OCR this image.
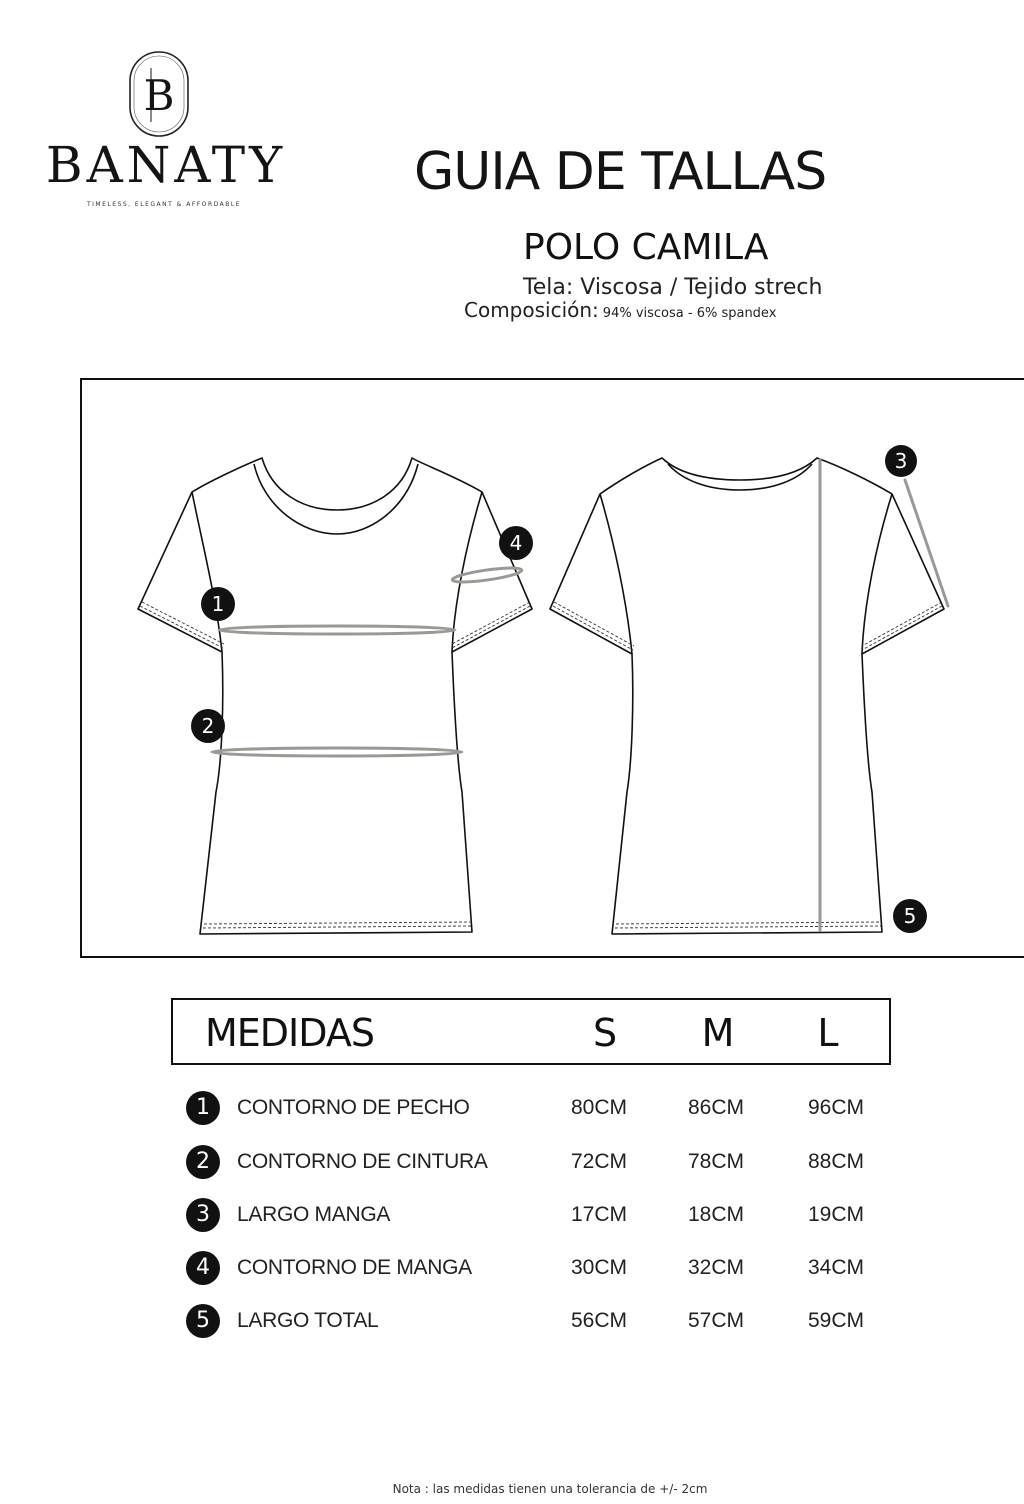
B
BANATY
TIMELESS, ELEGANT & AFFORDABLE
GUIA DE TALLAS
POLO CAMILA
Tela: Viscosa / Tejido strech
Composición: 94% viscosa - 6% spandex
1
2
3
4
5
MEDIDAS	S	M	L
1	CONTORNO DE PECHO	80CM	86CM	96CM
2	CONTORNO DE CINTURA	72CM	78CM	88CM
3	LARGO MANGA	17CM	18CM	19CM
4	CONTORNO DE MANGA	30CM	32CM	34CM
5	LARGO TOTAL	56CM	57CM	59CM
Nota : las medidas tienen una tolerancia de +/- 2cm
